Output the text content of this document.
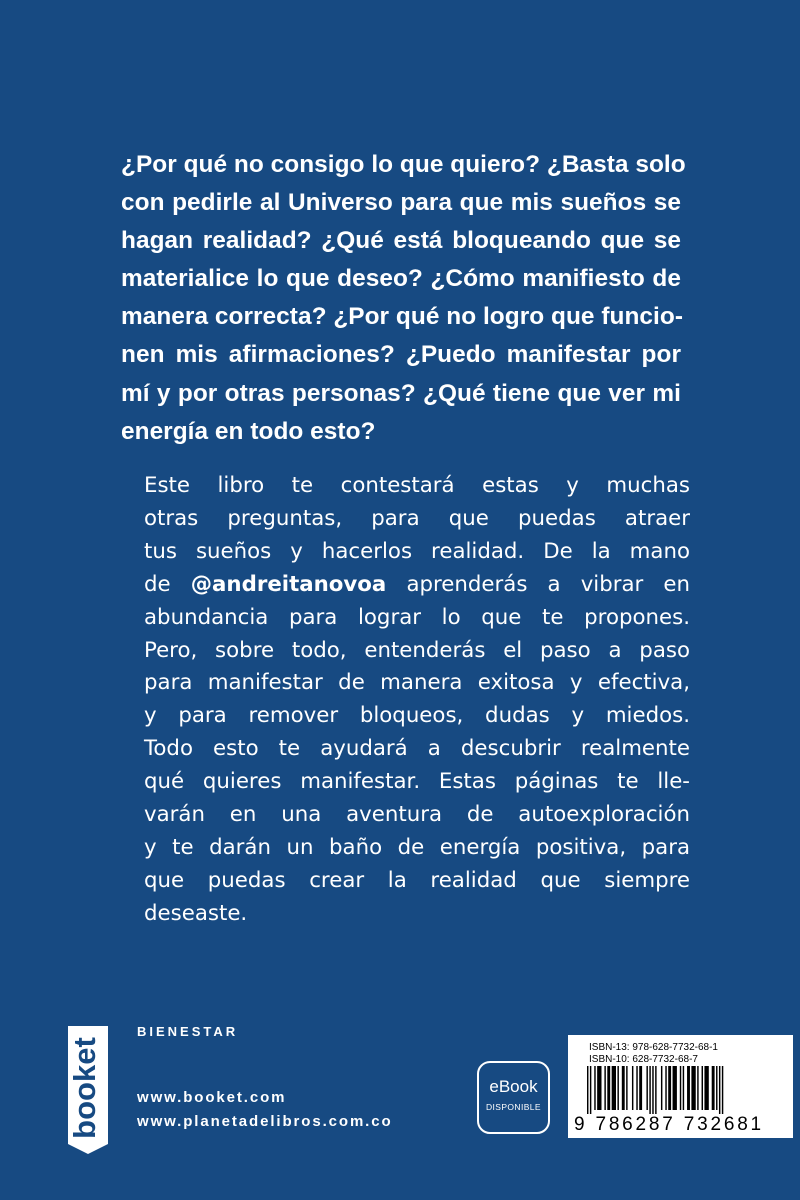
¿Por qué no consigo lo que quiero? ¿Basta solo
con pedirle al Universo para que mis sueños se
hagan realidad? ¿Qué está bloqueando que se
materialice lo que deseo? ¿Cómo manifiesto de
manera correcta? ¿Por qué no logro que funcio-
nen mis afirmaciones? ¿Puedo manifestar por
mí y por otras personas? ¿Qué tiene que ver mi
energía en todo esto?
Este libro te contestará estas y muchas
otras preguntas, para que puedas atraer
tus sueños y hacerlos realidad. De la mano
de @andreitanovoa aprenderás a vibrar en
abundancia para lograr lo que te propones.
Pero, sobre todo, entenderás el paso a paso
para manifestar de manera exitosa y efectiva,
y para remover bloqueos, dudas y miedos.
Todo esto te ayudará a descubrir realmente
qué quieres manifestar. Estas páginas te lle-
varán en una aventura de autoexploración
y te darán un baño de energía positiva, para
que puedas crear la realidad que siempre
deseaste.
booket
BIENESTAR
www.booket.com
www.planetadelibros.com.co
eBook
DISPONIBLE
ISBN-13: 978-628-7732-68-1
ISBN-10: 628-7732-68-7
9 786287 732681
